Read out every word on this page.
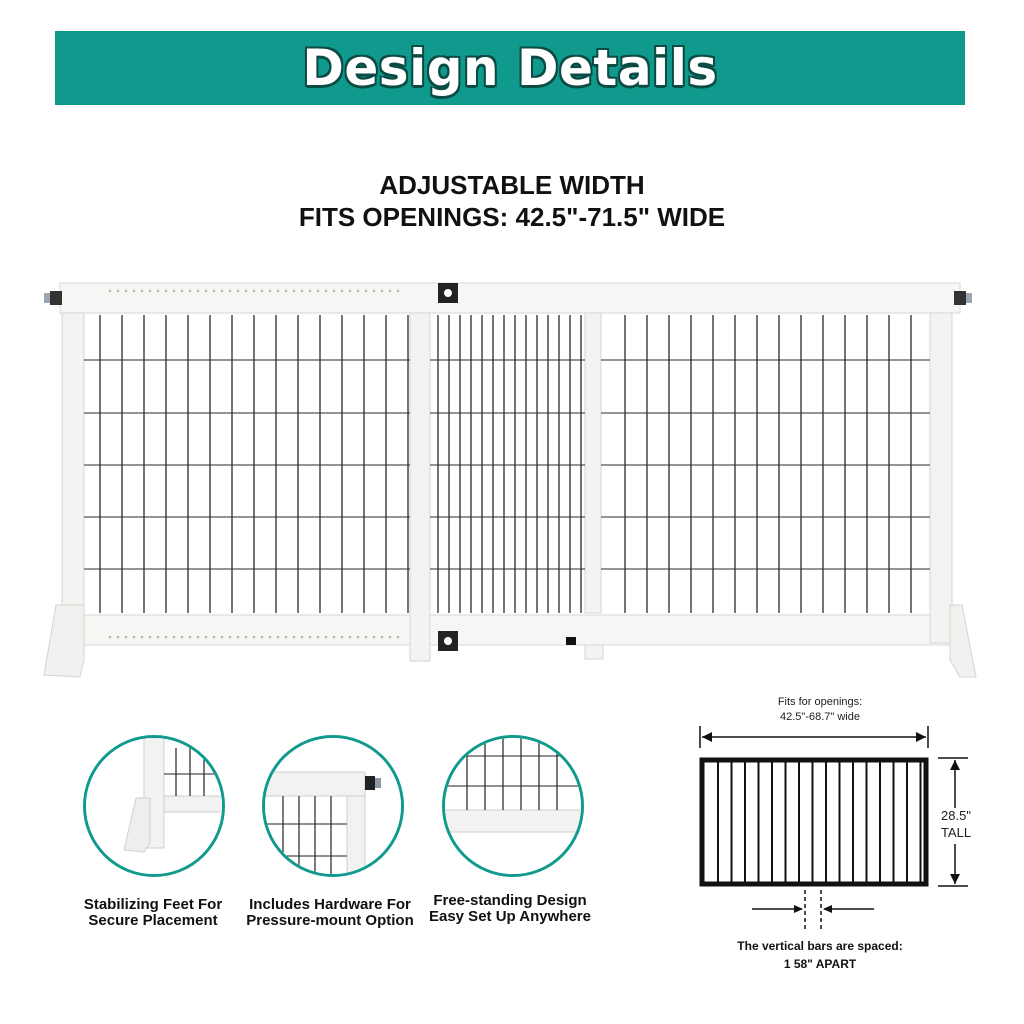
Design Details
ADJUSTABLE WIDTH
FITS OPENINGS: 42.5"-71.5" WIDE
Stabilizing Feet For Secure Placement
Includes Hardware For Pressure-mount Option
Free-standing Design Easy Set Up Anywhere
Fits for openings:
42.5"-68.7" wide
28.5"
TALL
The vertical bars are spaced:
1 58" APART
